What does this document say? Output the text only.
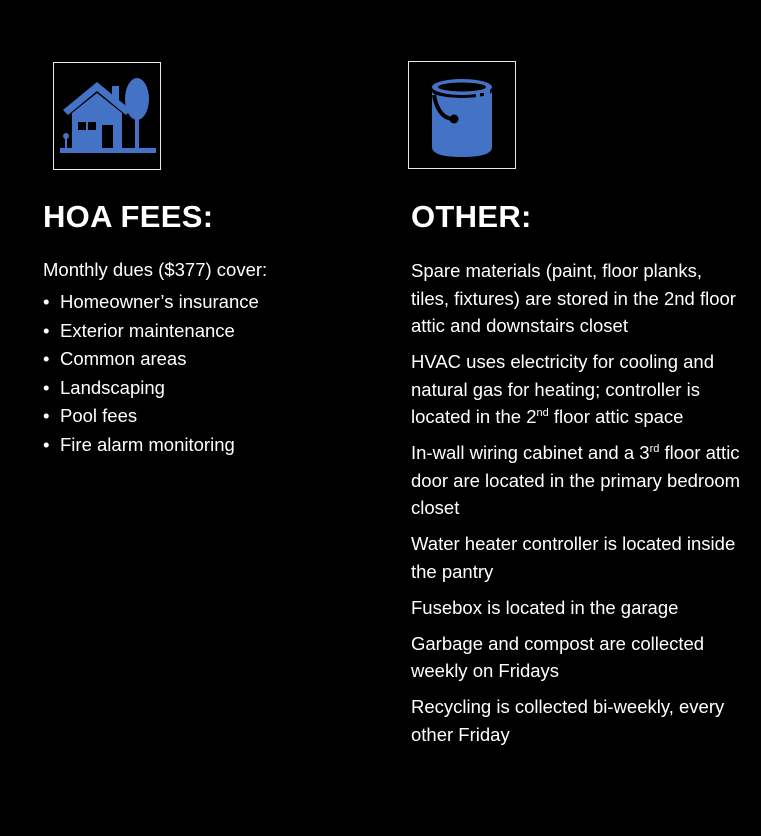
HOA FEES:	OTHER:
Monthly dues ($377) cover:
• Homeowner’s insurance
• Exterior maintenance
• Common areas
• Landscaping
• Pool fees
• Fire alarm monitoring

Spare materials (paint, floor planks, tiles, fixtures) are stored in the 2nd floor attic and downstairs closet

HVAC uses electricity for cooling and natural gas for heating; controller is located in the 2nd floor attic space

In-wall wiring cabinet and a 3rd floor attic door are located in the primary bedroom closet

Water heater controller is located inside the pantry

Fusebox is located in the garage

Garbage and compost are collected weekly on Fridays

Recycling is collected bi-weekly, every other Friday
